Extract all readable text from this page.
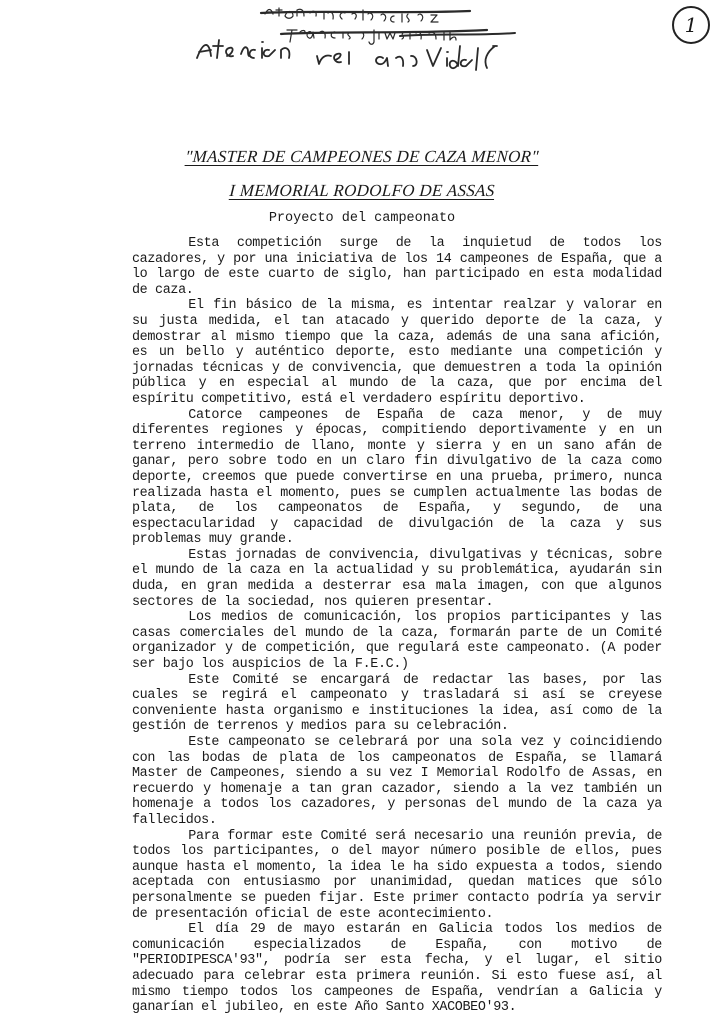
1
"MASTER DE CAMPEONES DE CAZA MENOR"
I MEMORIAL RODOLFO DE ASSAS
Proyecto del campeonato

Esta competición surge de la inquietud de todos los cazadores, y por una iniciativa de los 14 campeones de España, que a lo largo de este cuarto de siglo, han participado en esta modalidad de caza.

El fin básico de la misma, es intentar realzar y valorar en su justa medida, el tan atacado y querido deporte de la caza, y demostrar al mismo tiempo que la caza, además de una sana afición, es un bello y auténtico deporte, esto mediante una competición y jornadas técnicas y de convivencia, que demuestren a toda la opinión pública y en especial al mundo de la caza, que por encima del espíritu competitivo, está el verdadero espíritu deportivo.

Catorce campeones de España de caza menor, y de muy diferentes regiones y épocas, compitiendo deportivamente y en un terreno intermedio de llano, monte y sierra y en un sano afán de ganar, pero sobre todo en un claro fin divulgativo de la caza como deporte, creemos que puede convertirse en una prueba, primero, nunca realizada hasta el momento, pues se cumplen actualmente las bodas de plata, de los campeonatos de España, y segundo, de una espectacularidad y capacidad de divulgación de la caza y sus problemas muy grande.

Estas jornadas de convivencia, divulgativas y técnicas, sobre el mundo de la caza en la actualidad y su problemática, ayudarán sin duda, en gran medida a desterrar esa mala imagen, con que algunos sectores de la sociedad, nos quieren presentar.

Los medios de comunicación, los propios participantes y las casas comerciales del mundo de la caza, formarán parte de un Comité organizador y de competición, que regulará este campeonato. (A poder ser bajo los auspicios de la F.E.C.)

Este Comité se encargará de redactar las bases, por las cuales se regirá el campeonato y trasladará si así se creyese conveniente hasta organismo e instituciones la idea, así como de la gestión de terrenos y medios para su celebración.

Este campeonato se celebrará por una sola vez y coincidiendo con las bodas de plata de los campeonatos de España, se llamará Master de Campeones, siendo a su vez I Memorial Rodolfo de Assas, en recuerdo y homenaje a tan gran cazador, siendo a la vez también un homenaje a todos los cazadores, y personas del mundo de la caza ya fallecidos.

Para formar este Comité será necesario una reunión previa, de todos los participantes, o del mayor número posible de ellos, pues aunque hasta el momento, la idea le ha sido expuesta a todos, siendo aceptada con entusiasmo por unanimidad, quedan matices que sólo personalmente se pueden fijar. Este primer contacto podría ya servir de presentación oficial de este acontecimiento.

El día 29 de mayo estarán en Galicia todos los medios de comunicación especializados de España, con motivo de "PERIODIPESCA'93", podría ser esta fecha, y el lugar, el sitio adecuado para celebrar esta primera reunión. Si esto fuese así, al mismo tiempo todos los campeones de España, vendrían a Galicia y ganarían el jubileo, en este Año Santo XACOBEO'93.
